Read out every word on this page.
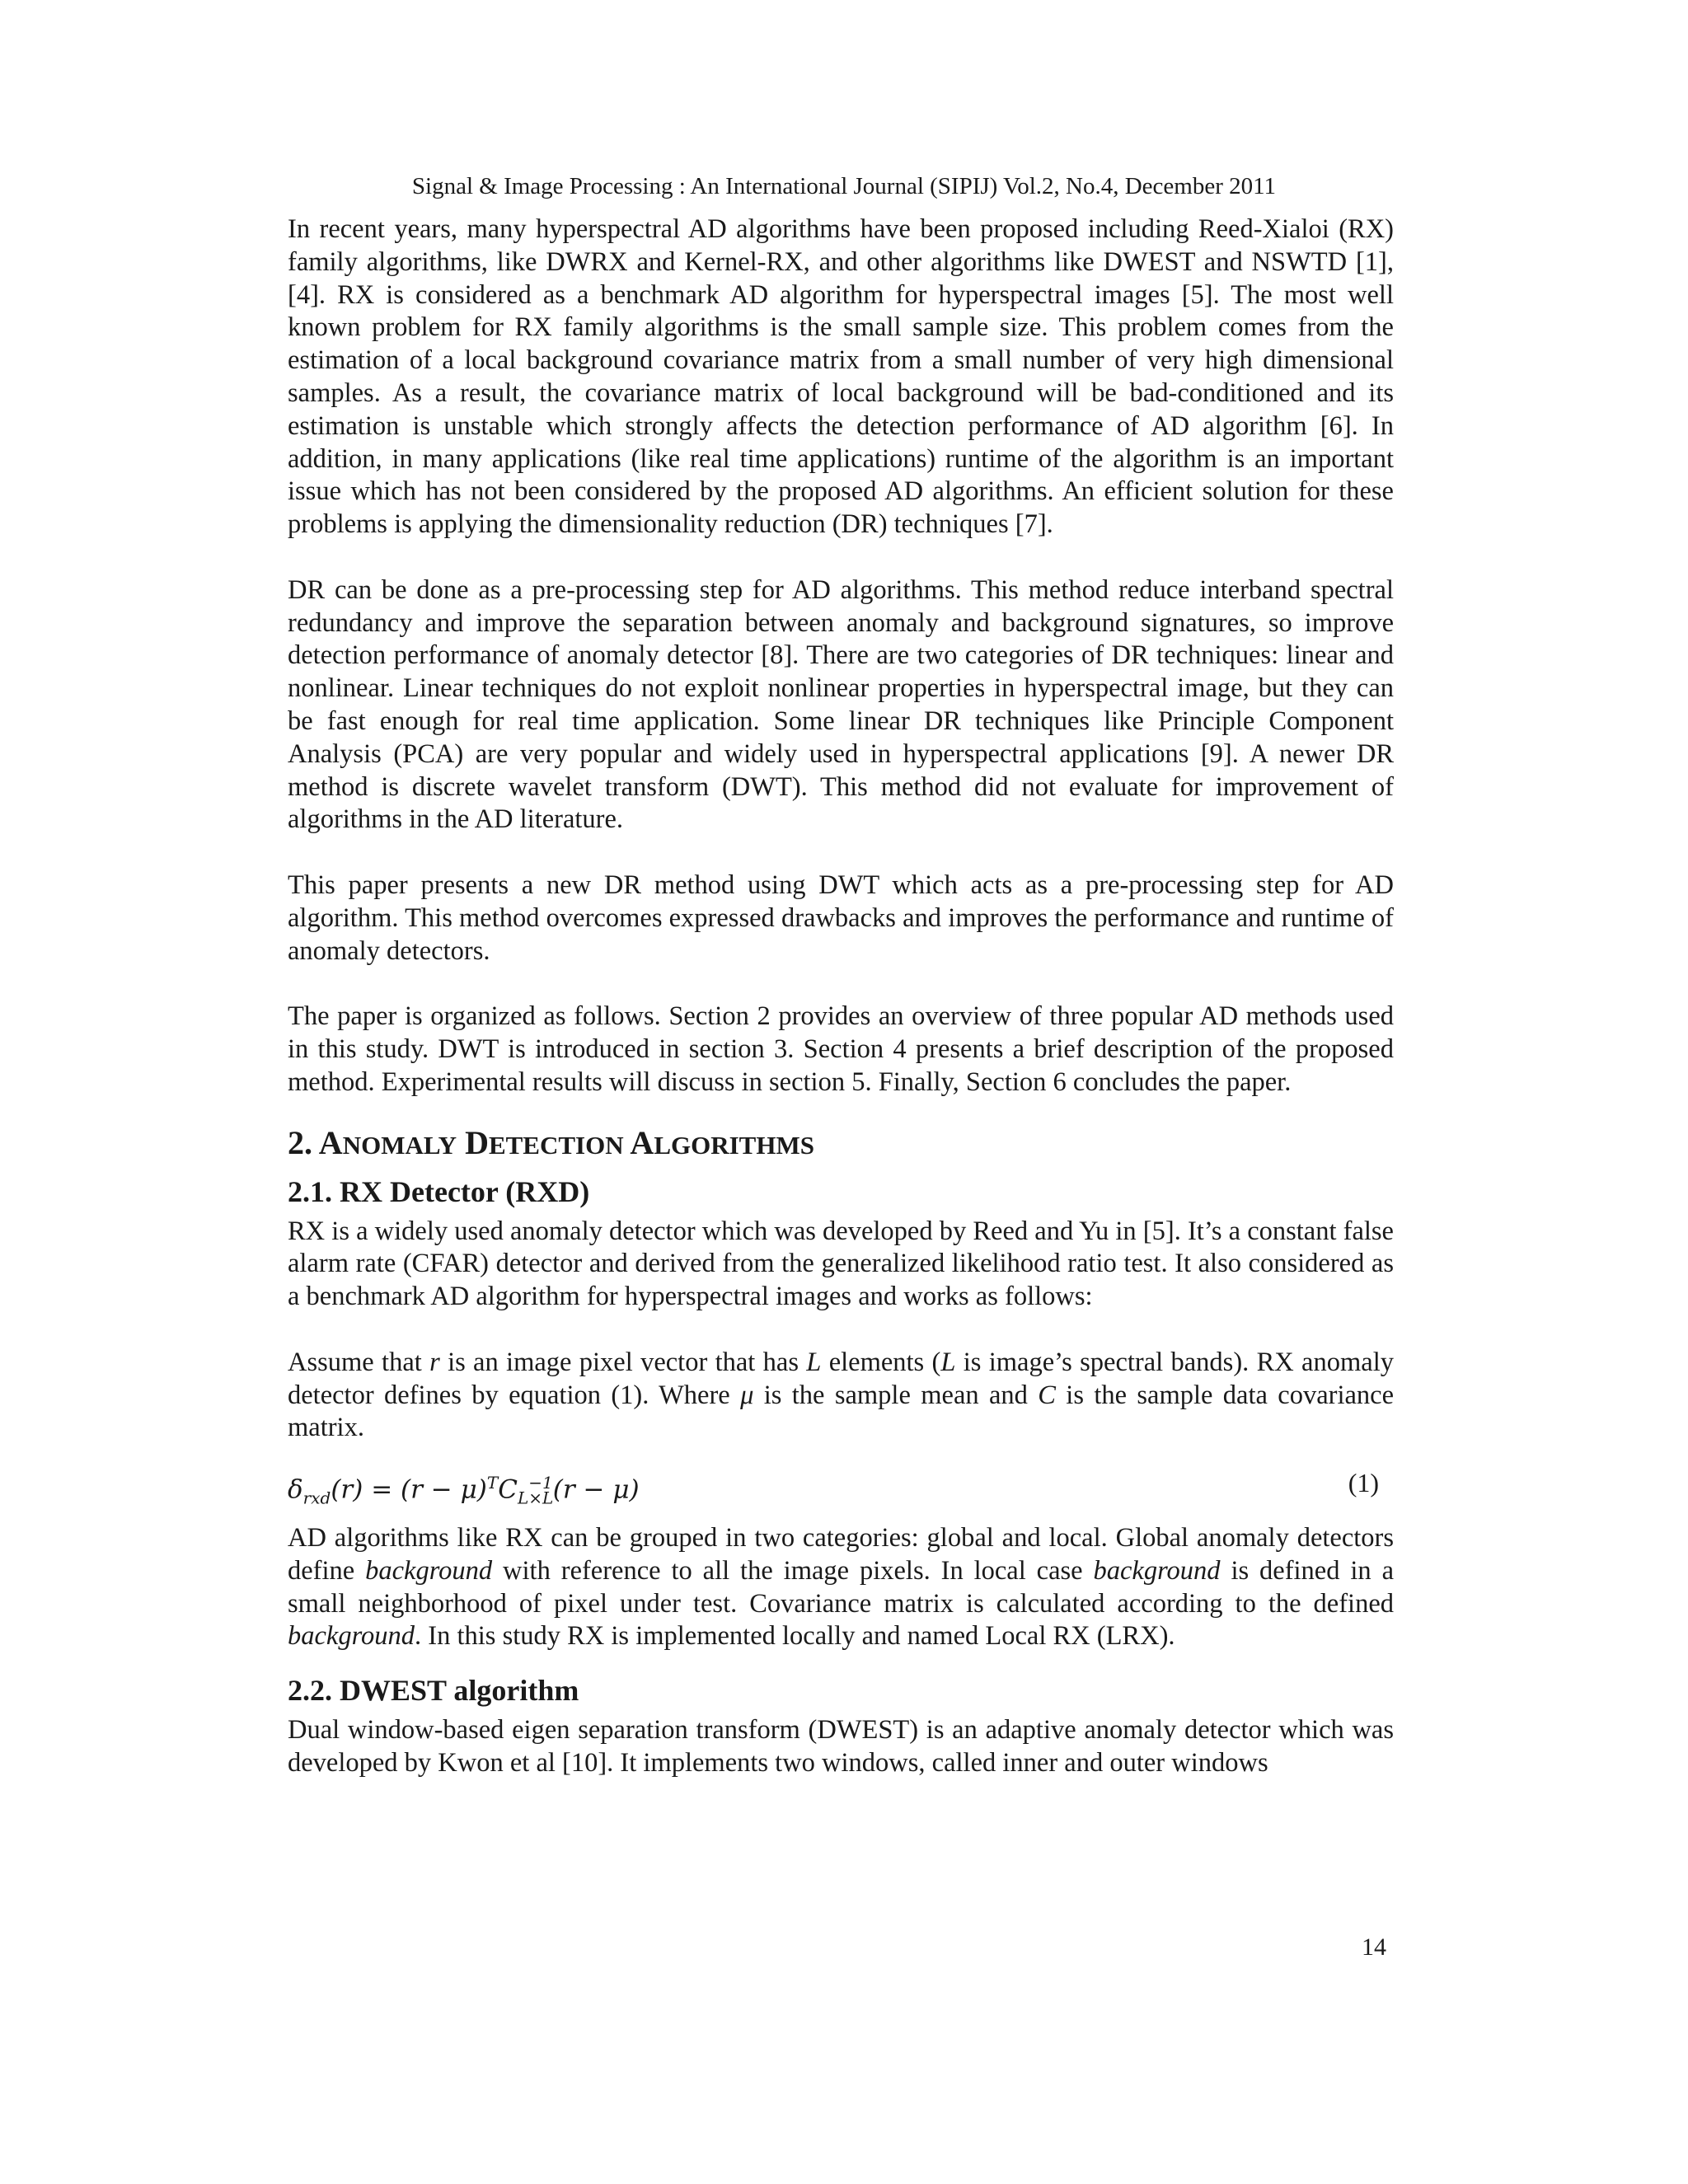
Signal & Image Processing : An International Journal (SIPIJ) Vol.2, No.4, December 2011

In recent years, many hyperspectral AD algorithms have been proposed including Reed-Xialoi (RX) family algorithms, like DWRX and Kernel-RX, and other algorithms like DWEST and NSWTD [1], [4]. RX is considered as a benchmark AD algorithm for hyperspectral images [5]. The most well known problem for RX family algorithms is the small sample size. This problem comes from the estimation of a local background covariance matrix from a small number of very high dimensional samples. As a result, the covariance matrix of local background will be bad-conditioned and its estimation is unstable which strongly affects the detection performance of AD algorithm [6]. In addition, in many applications (like real time applications) runtime of the algorithm is an important issue which has not been considered by the proposed AD algorithms. An efficient solution for these problems is applying the dimensionality reduction (DR) techniques [7].

DR can be done as a pre-processing step for AD algorithms. This method reduce interband spectral redundancy and improve the separation between anomaly and background signatures, so improve detection performance of anomaly detector [8]. There are two categories of DR techniques: linear and nonlinear. Linear techniques do not exploit nonlinear properties in hyperspectral image, but they can be fast enough for real time application. Some linear DR techniques like Principle Component Analysis (PCA) are very popular and widely used in hyperspectral applications [9]. A newer DR method is discrete wavelet transform (DWT). This method did not evaluate for improvement of algorithms in the AD literature.

This paper presents a new DR method using DWT which acts as a pre-processing step for AD algorithm. This method overcomes expressed drawbacks and improves the performance and runtime of anomaly detectors.

The paper is organized as follows. Section 2 provides an overview of three popular AD methods used in this study. DWT is introduced in section 3. Section 4 presents a brief description of the proposed method. Experimental results will discuss in section 5. Finally, Section 6 concludes the paper.

2. ANOMALY DETECTION ALGORITHMS
2.1. RX Detector (RXD)

RX is a widely used anomaly detector which was developed by Reed and Yu in [5]. It’s a constant false alarm rate (CFAR) detector and derived from the generalized likelihood ratio test. It also considered as a benchmark AD algorithm for hyperspectral images and works as follows:

Assume that r is an image pixel vector that has L elements (L is image’s spectral bands). RX anomaly detector defines by equation (1). Where μ is the sample mean and C is the sample data covariance matrix.

$\delta_{rxd}(r) = (r - \mu)^TC_{L\times L}^{-1}(r - \mu)$	(1)

AD algorithms like RX can be grouped in two categories: global and local. Global anomaly detectors define background with reference to all the image pixels. In local case background is defined in a small neighborhood of pixel under test. Covariance matrix is calculated according to the defined background. In this study RX is implemented locally and named Local RX (LRX).

2.2. DWEST algorithm

Dual window-based eigen separation transform (DWEST) is an adaptive anomaly detector which was developed by Kwon et al [10]. It implements two windows, called inner and outer windows

14
